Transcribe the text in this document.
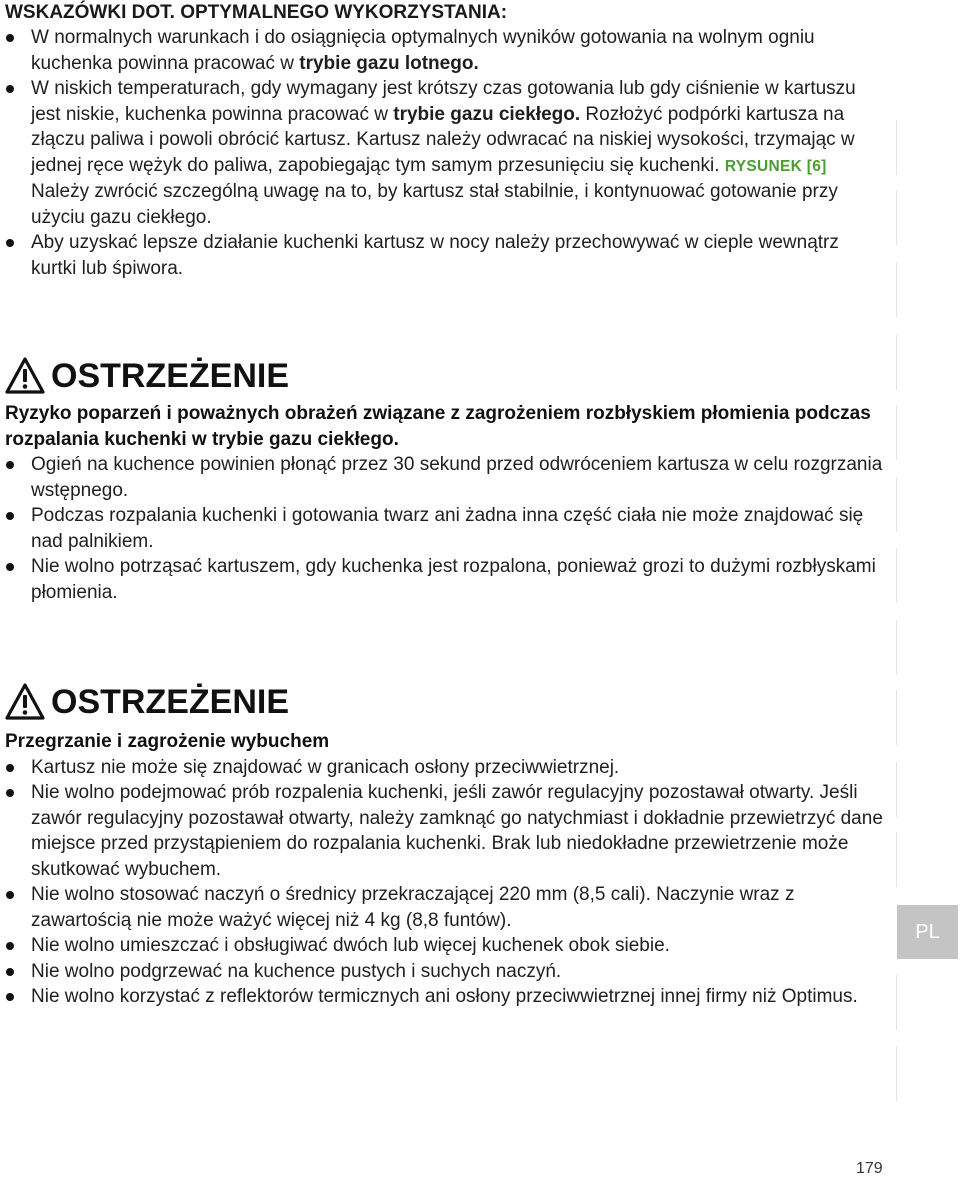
WSKAZÓWKI DOT. OPTYMALNEGO WYKORZYSTANIA:

W normalnych warunkach i do osiągnięcia optymalnych wyników gotowania na wolnym ogniu kuchenka powinna pracować w trybie gazu lotnego.
W niskich temperaturach, gdy wymagany jest krótszy czas gotowania lub gdy ciśnienie w kartuszu jest niskie, kuchenka powinna pracować w trybie gazu ciekłego. Rozłożyć podpórki kartusza na złączu paliwa i powoli obrócić kartusz. Kartusz należy odwracać na niskiej wysokości, trzymając w jednej ręce wężyk do paliwa, zapobiegając tym samym przesunięciu się kuchenki. RYSUNEK [6] Należy zwrócić szczególną uwagę na to, by kartusz stał stabilnie, i kontynuować gotowanie przy użyciu gazu ciekłego.
Aby uzyskać lepsze działanie kuchenki kartusz w nocy należy przechowywać w cieple wewnątrz kurtki lub śpiwora.
OSTRZEŻENIE

Ryzyko poparzeń i poważnych obrażeń związane z zagrożeniem rozbłyskiem płomienia podczas rozpalania kuchenki w trybie gazu ciekłego.

Ogień na kuchence powinien płonąć przez 30 sekund przed odwróceniem kartusza w celu rozgrzania wstępnego.
Podczas rozpalania kuchenki i gotowania twarz ani żadna inna część ciała nie może znajdować się nad palnikiem.
Nie wolno potrząsać kartuszem, gdy kuchenka jest rozpalona, ponieważ grozi to dużymi rozbłyskami płomienia.
OSTRZEŻENIE

Przegrzanie i zagrożenie wybuchem

Kartusz nie może się znajdować w granicach osłony przeciwwietrznej.
Nie wolno podejmować prób rozpalenia kuchenki, jeśli zawór regulacyjny pozostawał otwarty. Jeśli zawór regulacyjny pozostawał otwarty, należy zamknąć go natychmiast i dokładnie przewietrzyć dane miejsce przed przystąpieniem do rozpalania kuchenki. Brak lub niedokładne przewietrzenie może skutkować wybuchem.
Nie wolno stosować naczyń o średnicy przekraczającej 220 mm (8,5 cali). Naczynie wraz z zawartością nie może ważyć więcej niż 4 kg (8,8 funtów).
Nie wolno umieszczać i obsługiwać dwóch lub więcej kuchenek obok siebie.
Nie wolno podgrzewać na kuchence pustych i suchych naczyń.
Nie wolno korzystać z reflektorów termicznych ani osłony przeciwwietrznej innej firmy niż Optimus.
PL
179
